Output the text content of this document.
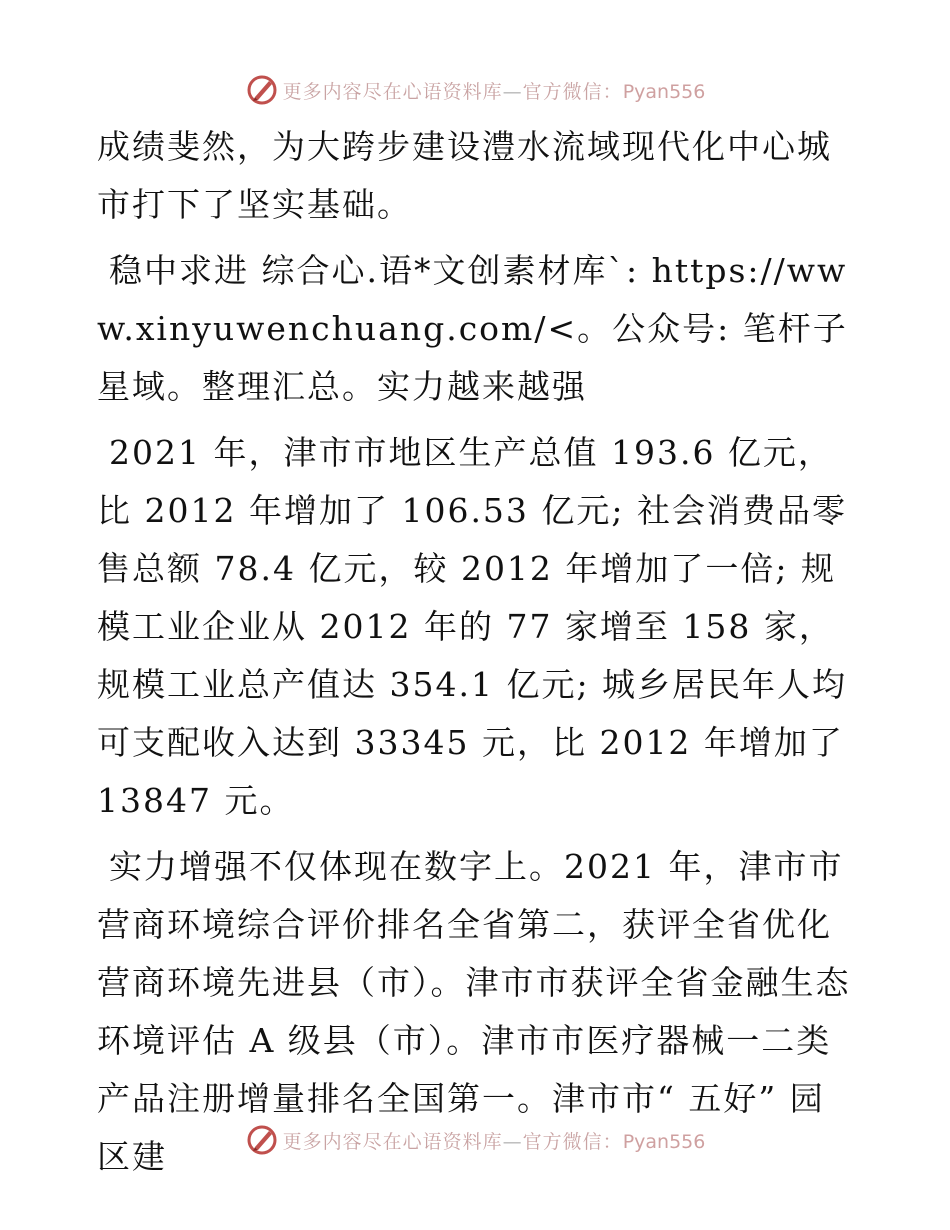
更多内容尽在心语资料库—官方微信：Pyan556

成绩斐然，为大跨步建设澧水流域现代化中心城市打下了坚实基础。

稳中求进 综合心.语*文创素材库`: https://www.xinyuwenchuang.com/<。公众号: 笔杆子星域。整理汇总。实力越来越强

2021 年，津市市地区生产总值 193.6 亿元，比 2012 年增加了 106.53 亿元; 社会消费品零售总额 78.4 亿元，较 2012 年增加了一倍; 规模工业企业从 2012 年的 77 家增至 158 家，规模工业总产值达 354.1 亿元; 城乡居民年人均可支配收入达到 33345 元，比 2012 年增加了 13847 元。

实力增强不仅体现在数字上。2021 年，津市市营商环境综合评价排名全省第二，获评全省优化营商环境先进县（市）。津市市获评全省金融生态环境评估 A 级县（市）。津市市医疗器械一二类产品注册增量排名全国第一。津市市“ 五好” 园区建	更多内容尽在心语资料库—官方微信：Pyan556
